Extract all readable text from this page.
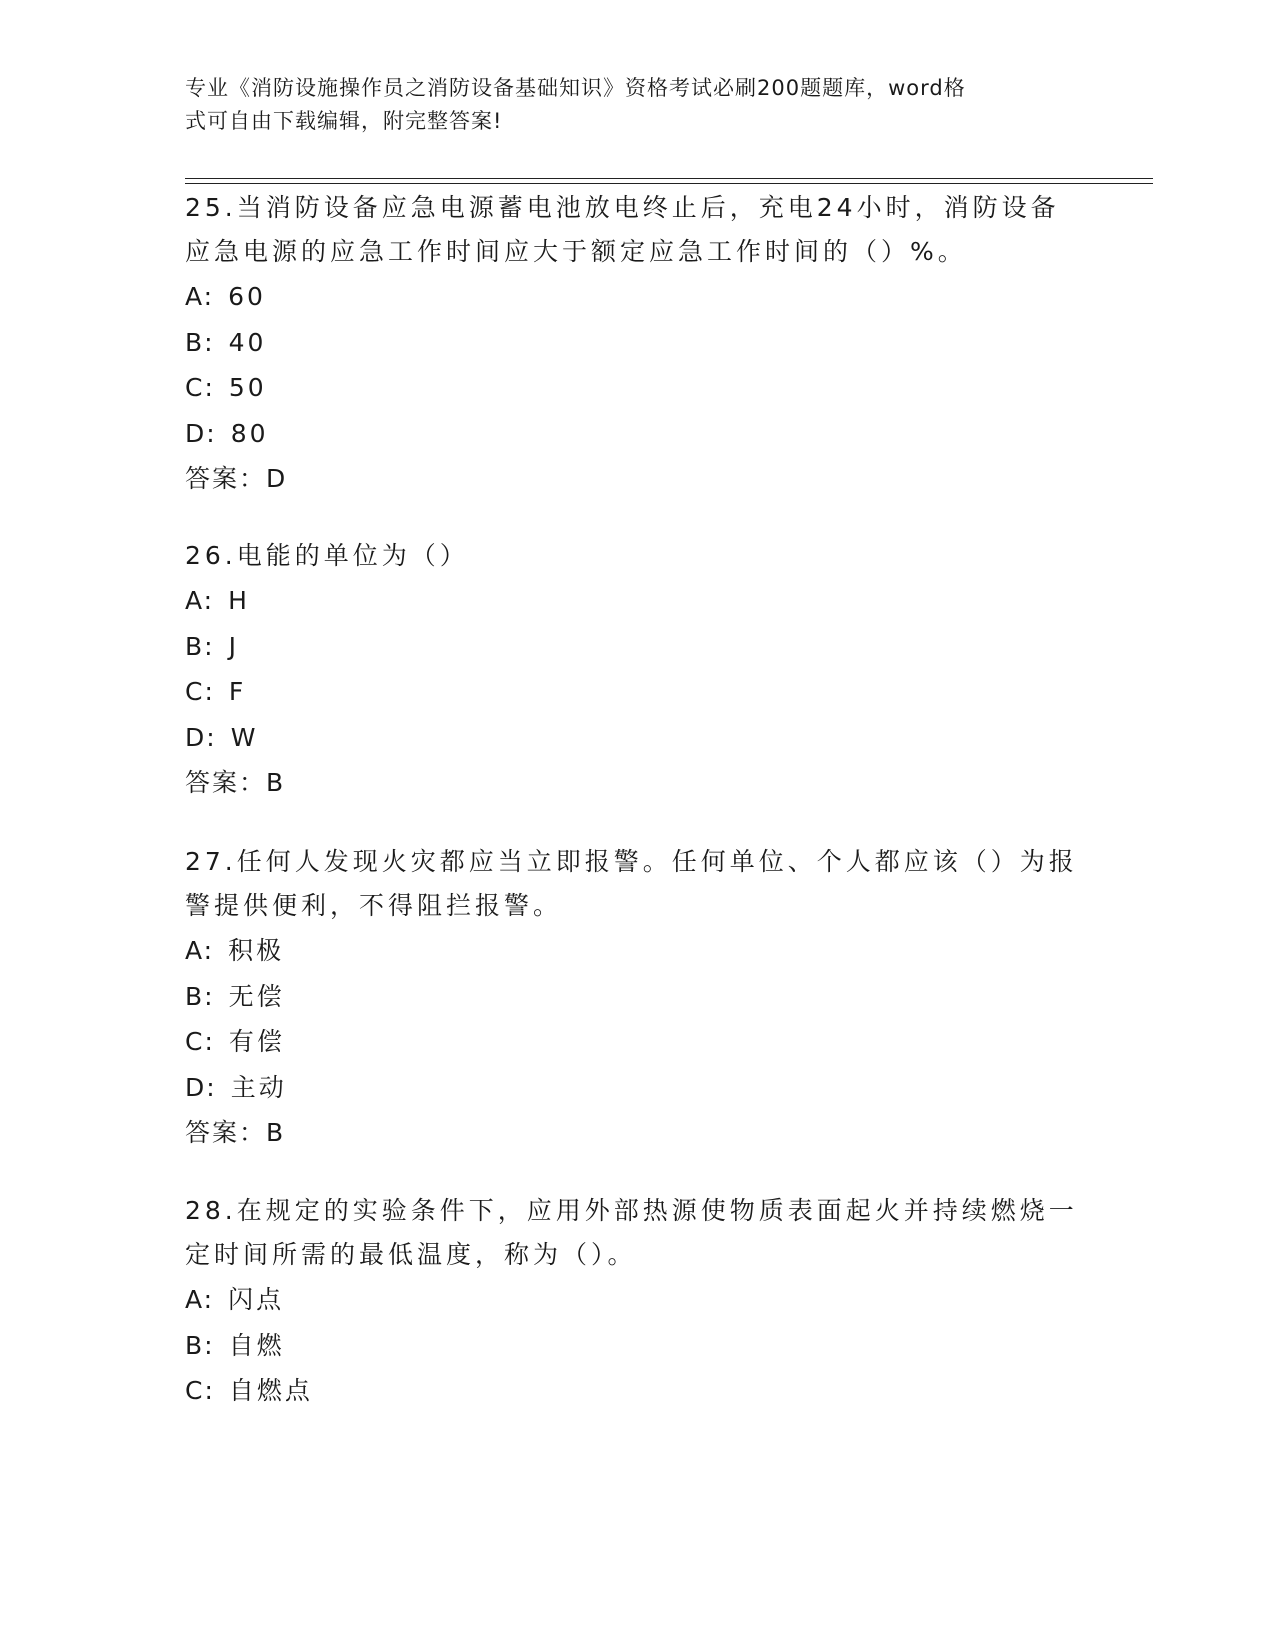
专业《消防设施操作员之消防设备基础知识》资格考试必刷200题题库，word格
式可自由下载编辑，附完整答案!

25.当消防设备应急电源蓄电池放电终止后，充电24小时，消防设备

应急电源的应急工作时间应大于额定应急工作时间的（）%。

A: 60

B: 40

C: 50

D: 80

答案：D

26.电能的单位为（）

A: H

B: J

C: F

D: W

答案：B

27.任何人发现火灾都应当立即报警。任何单位、个人都应该（）为报

警提供便利，不得阻拦报警。

A: 积极

B: 无偿

C: 有偿

D: 主动

答案：B

28.在规定的实验条件下，应用外部热源使物质表面起火并持续燃烧一

定时间所需的最低温度，称为（）。

A: 闪点

B: 自燃

C: 自燃点
